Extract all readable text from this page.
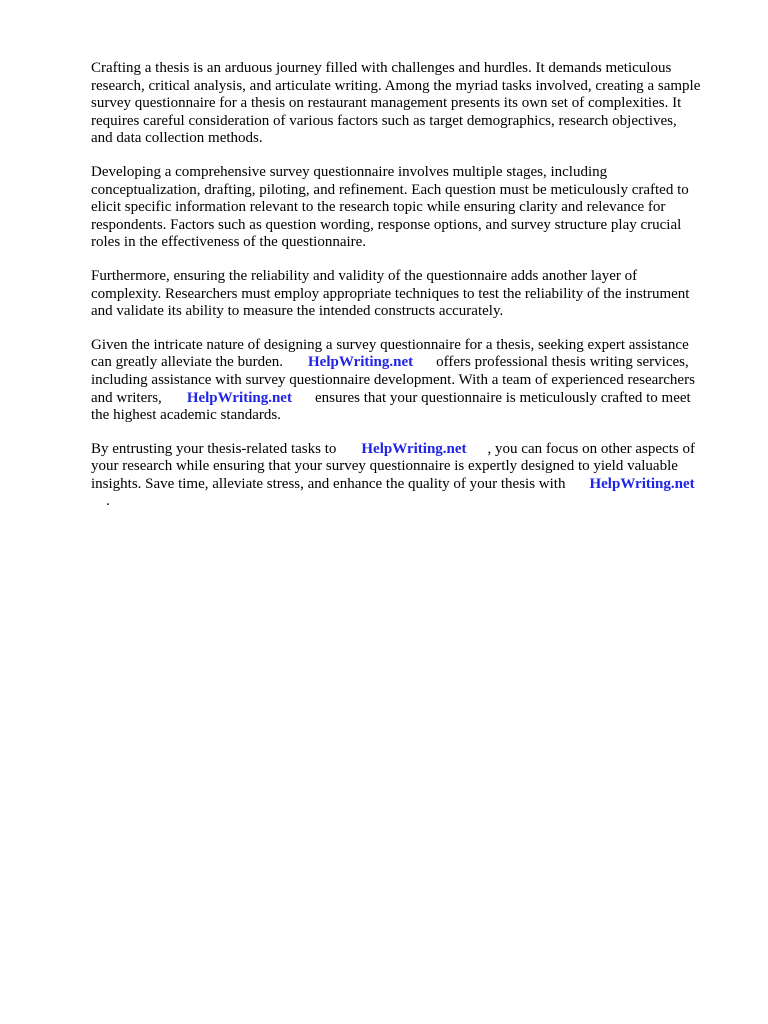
Crafting a thesis is an arduous journey filled with challenges and hurdles. It demands meticulous
research, critical analysis, and articulate writing. Among the myriad tasks involved, creating a sample
survey questionnaire for a thesis on restaurant management presents its own set of complexities. It
requires careful consideration of various factors such as target demographics, research objectives,
and data collection methods.

Developing a comprehensive survey questionnaire involves multiple stages, including
conceptualization, drafting, piloting, and refinement. Each question must be meticulously crafted to
elicit specific information relevant to the research topic while ensuring clarity and relevance for
respondents. Factors such as question wording, response options, and survey structure play crucial
roles in the effectiveness of the questionnaire.

Furthermore, ensuring the reliability and validity of the questionnaire adds another layer of
complexity. Researchers must employ appropriate techniques to test the reliability of the instrument
and validate its ability to measure the intended constructs accurately.

Given the intricate nature of designing a survey questionnaire for a thesis, seeking expert assistance
can greatly alleviate the burden. HelpWriting.net offers professional thesis writing services,
including assistance with survey questionnaire development. With a team of experienced researchers
and writers, HelpWriting.net ensures that your questionnaire is meticulously crafted to meet
the highest academic standards.

By entrusting your thesis-related tasks to HelpWriting.net , you can focus on other aspects of
your research while ensuring that your survey questionnaire is expertly designed to yield valuable
insights. Save time, alleviate stress, and enhance the quality of your thesis with HelpWriting.net
.
